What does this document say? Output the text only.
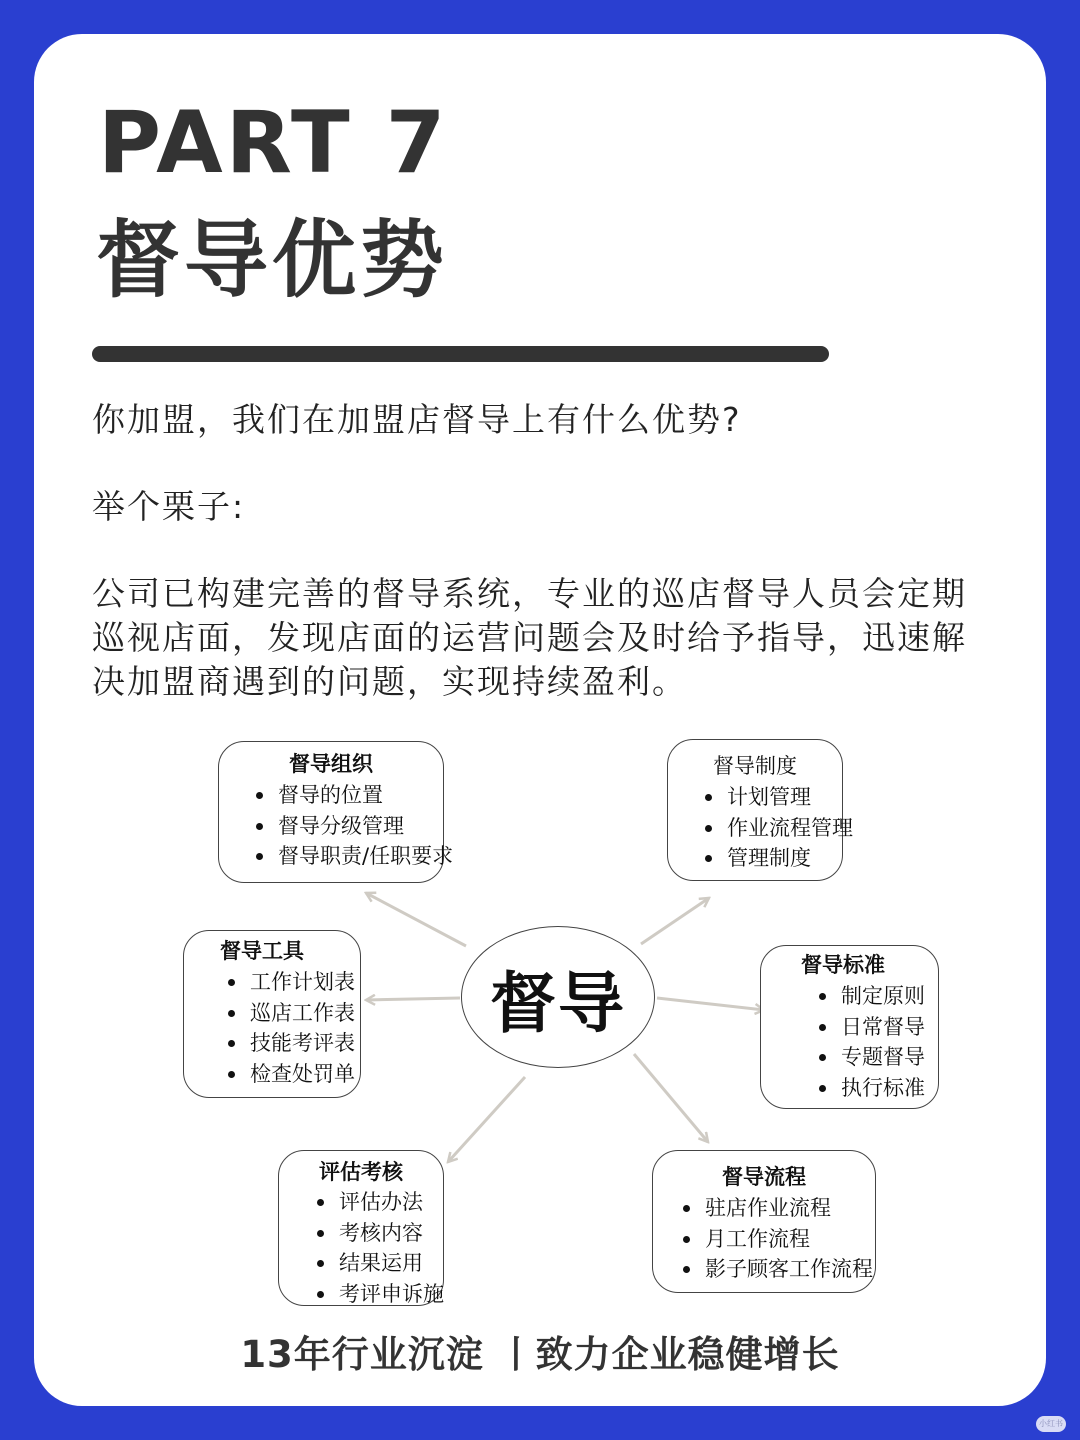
PART 7
督导优势
你加盟，我们在加盟店督导上有什么优势?
举个栗子:
公司已构建完善的督导系统，专业的巡店督导人员会定期巡视店面，发现店面的运营问题会及时给予指导，迅速解决加盟商遇到的问题，实现持续盈利。
督导组织
督导的位置
督导分级管理
督导职责/任职要求
督导制度
计划管理
作业流程管理
管理制度
督导工具
工作计划表
巡店工作表
技能考评表
检查处罚单
督导标准
制定原则
日常督导
专题督导
执行标准
评估考核
评估办法
考核内容
结果运用
考评申诉施
督导流程
驻店作业流程
月工作流程
影子顾客工作流程
督导
13年行业沉淀 丨致力企业稳健增长
小红书
